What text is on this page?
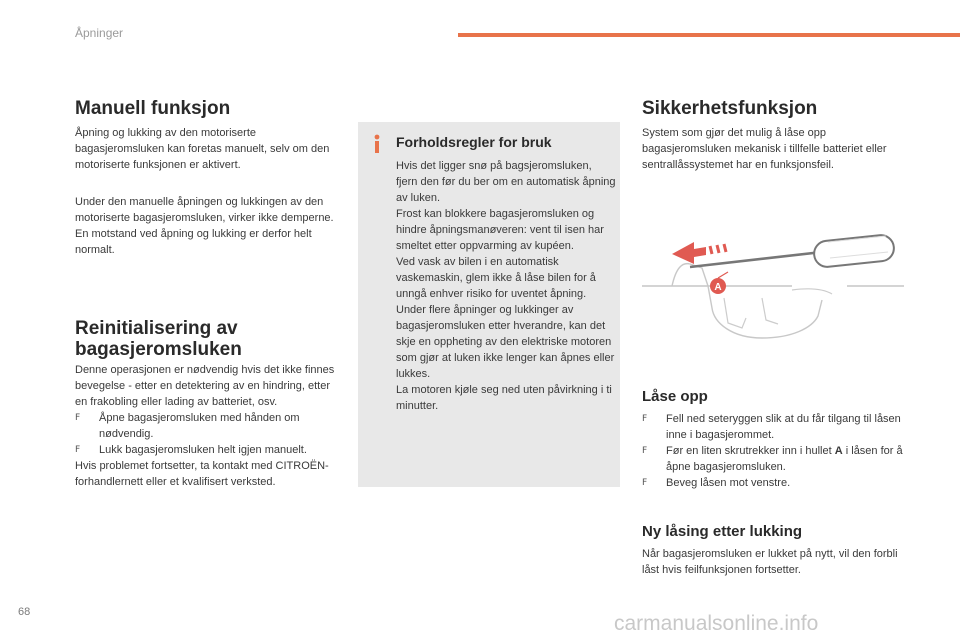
Åpninger
Manuell funksjon

Åpning og lukking av den motoriserte bagasjeromsluken kan foretas manuelt, selv om den motoriserte funksjonen er aktivert.

Under den manuelle åpningen og lukkingen av den motoriserte bagasjeromsluken, virker ikke demperne. En motstand ved åpning og lukking er derfor helt normalt.

Reinitialisering av
bagasjeromsluken

Denne operasjonen er nødvendig hvis det ikke finnes bevegelse - etter en detektering av en hindring, etter en frakobling eller lading av batteriet, osv.

F Åpne bagasjeromsluken med hånden om nødvendig.
F Lukk bagasjeromsluken helt igjen manuelt.

Hvis problemet fortsetter, ta kontakt med CITROËN-forhandlernett eller et kvalifisert verksted.

Forholdsregler for bruk

Hvis det ligger snø på bagsjeromsluken, fjern den før du ber om en automatisk åpning av luken.

Frost kan blokkere bagasjeromsluken og hindre åpningsmanøveren: vent til isen har smeltet etter oppvarming av kupéen.

Ved vask av bilen i en automatisk vaskemaskin, glem ikke å låse bilen for å unngå enhver risiko for uventet åpning.

Under flere åpninger og lukkinger av bagasjeromsluken etter hverandre, kan det skje en oppheting av den elektriske motoren som gjør at luken ikke lenger kan åpnes eller lukkes.

La motoren kjøle seg ned uten påvirkning i ti minutter.

Sikkerhetsfunksjon

System som gjør det mulig å låse opp bagasjeromsluken mekanisk i tillfelle batteriet eller sentrallåssystemet har en funksjonsfeil.

A
Låse opp
F Fell ned seteryggen slik at du får tilgang til låsen inne i bagasjerommet.
F Før en liten skrutrekker inn i hullet A i låsen for å åpne bagasjeromsluken.
F Beveg låsen mot venstre.
Ny låsing etter lukking

Når bagasjeromsluken er lukket på nytt, vil den forbli låst hvis feilfunksjonen fortsetter.

68	carmanualsonline.info
